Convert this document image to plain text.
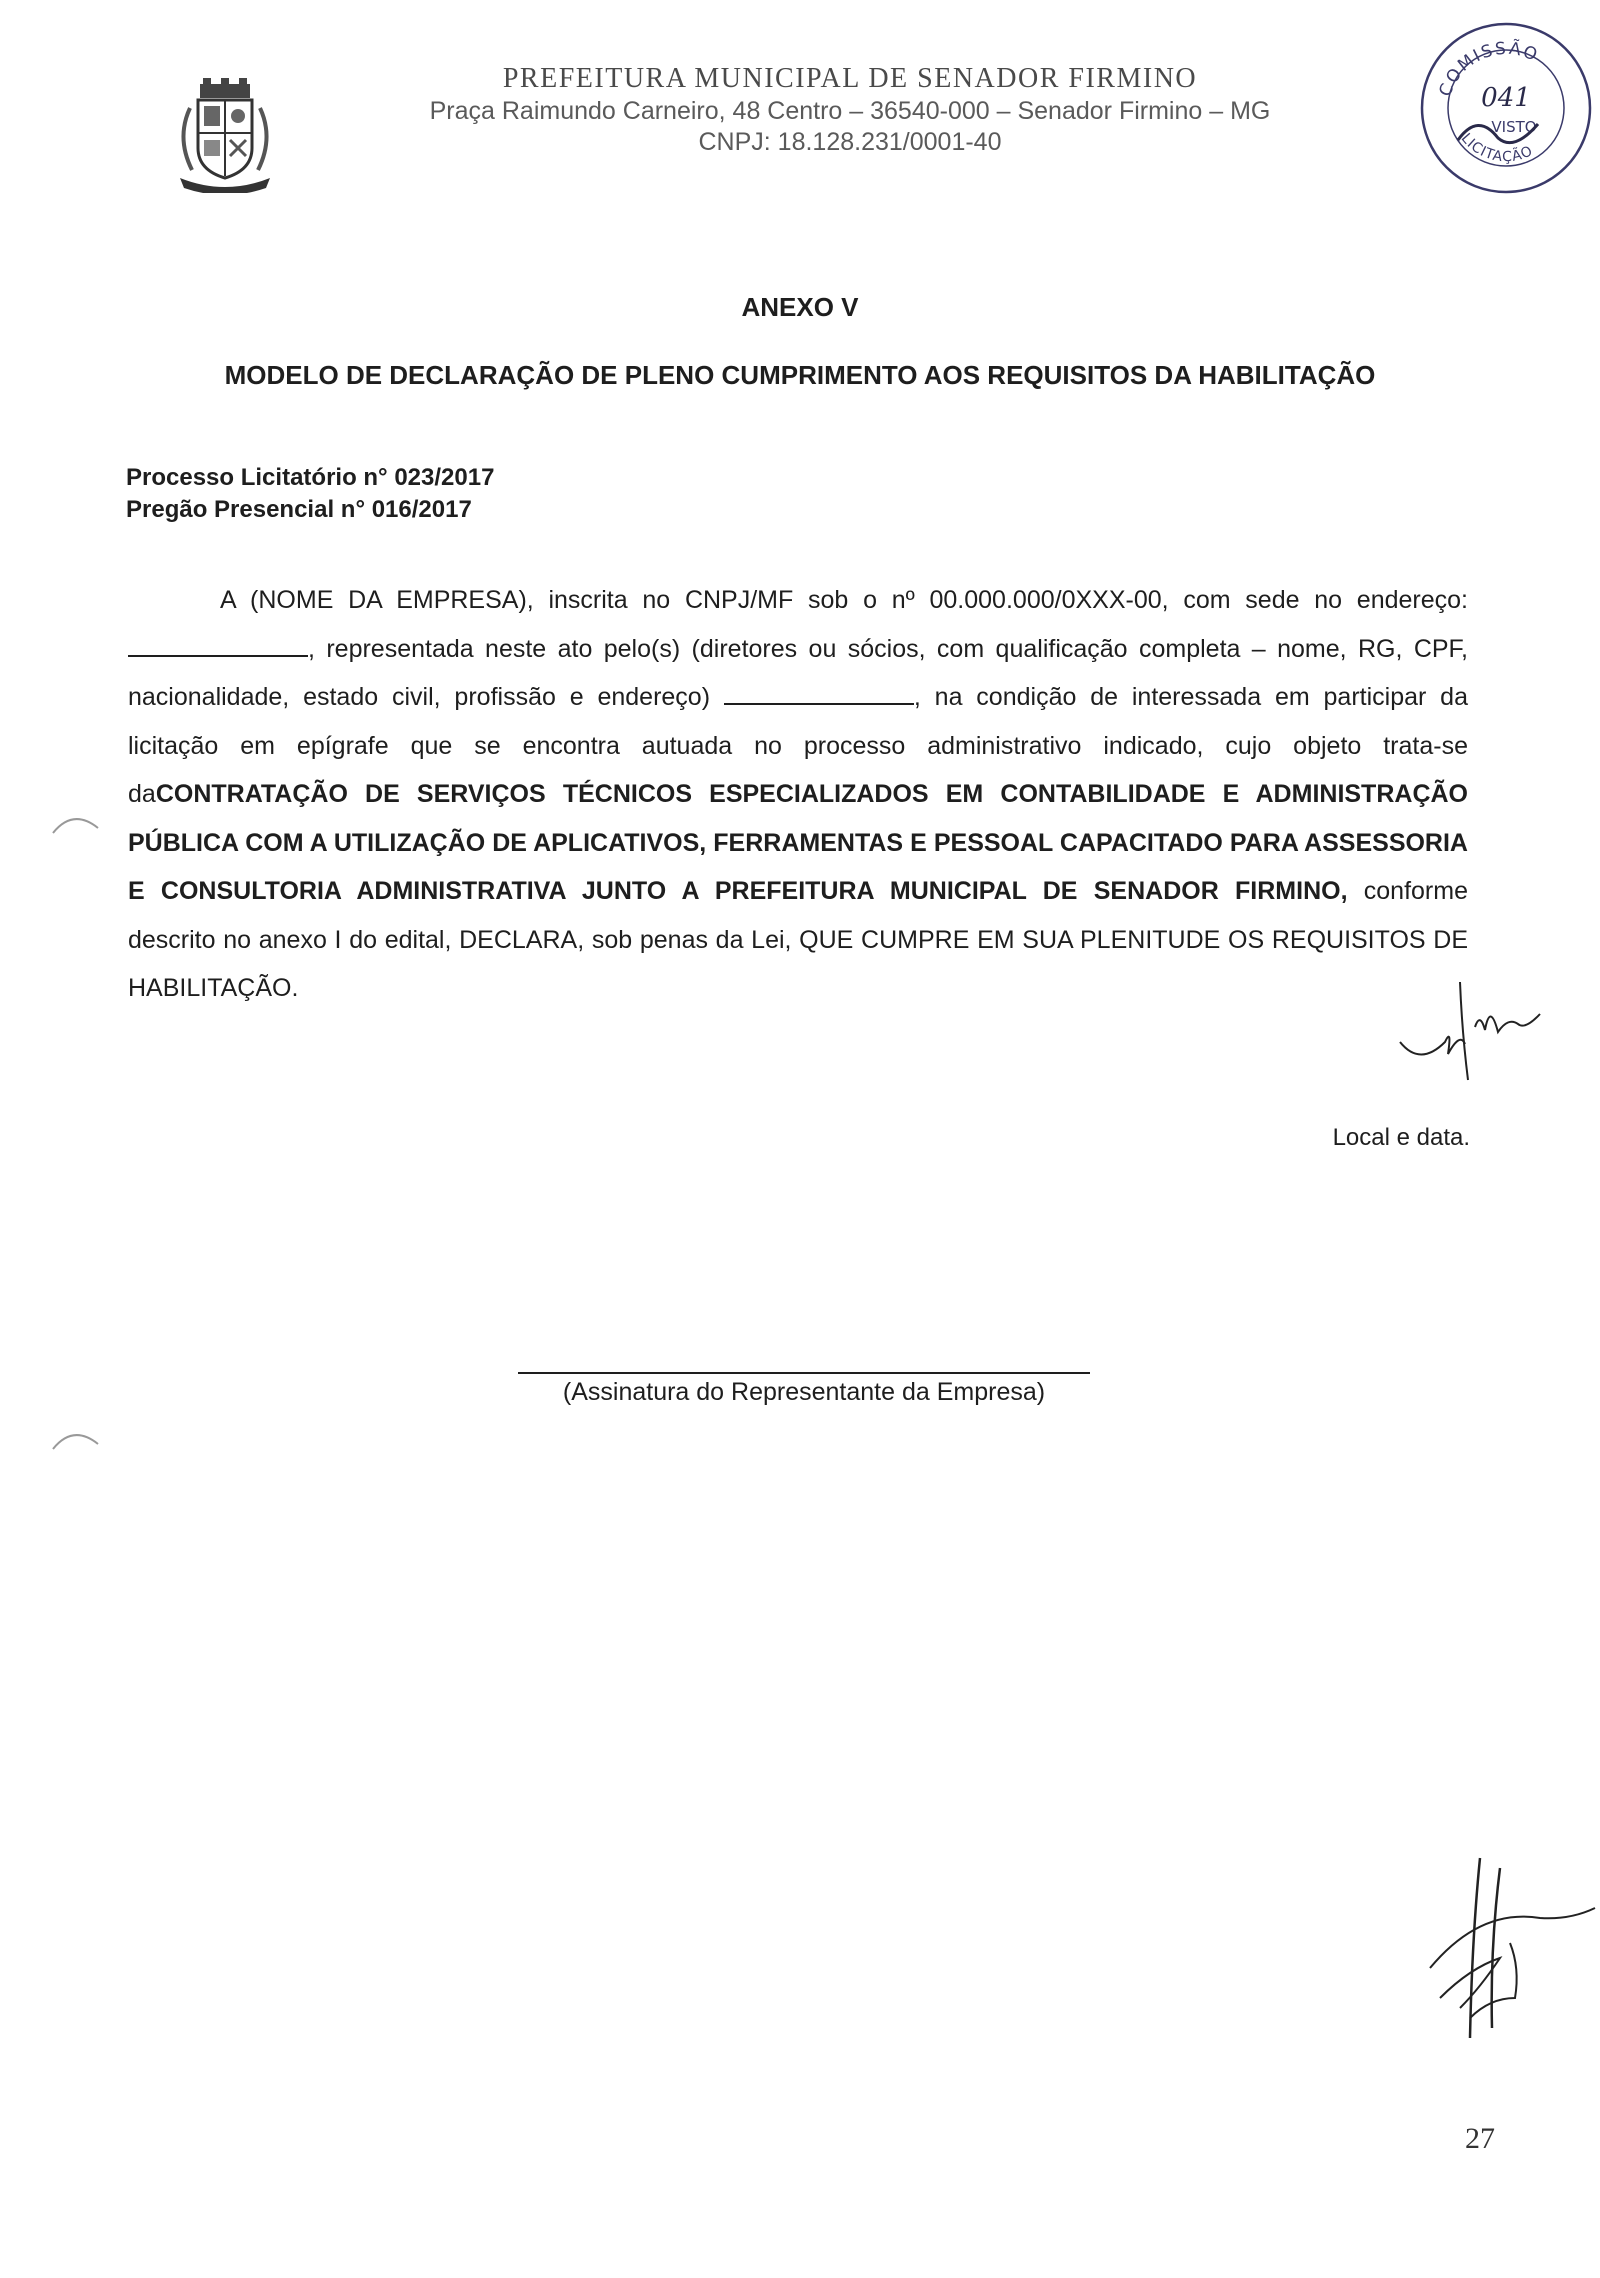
PREFEITURA MUNICIPAL DE SENADOR FIRMINO

Praça Raimundo Carneiro, 48 Centro – 36540-000 – Senador Firmino – MG

CNPJ: 18.128.231/0001-40

COMISSÃO
LICITAÇÃO
041
VISTO
ANEXO V
MODELO DE DECLARAÇÃO DE PLENO CUMPRIMENTO AOS REQUISITOS DA HABILITAÇÃO
Processo Licitatório n° 023/2017
Pregão Presencial n° 016/2017

A (NOME DA EMPRESA), inscrita no CNPJ/MF sob o nº 00.000.000/0XXX-00, com sede no endereço: , representada neste ato pelo(s) (diretores ou sócios, com qualificação completa – nome, RG, CPF, nacionalidade, estado civil, profissão e endereço)	, na condição de interessada em participar da licitação em epígrafe que se encontra autuada no processo administrativo indicado, cujo objeto trata-se daCONTRATAÇÃO DE SERVIÇOS TÉCNICOS ESPECIALIZADOS EM CONTABILIDADE E ADMINISTRAÇÃO PÚBLICA COM A UTILIZAÇÃO DE APLICATIVOS, FERRAMENTAS E PESSOAL CAPACITADO PARA ASSESSORIA E CONSULTORIA ADMINISTRATIVA JUNTO A PREFEITURA MUNICIPAL DE SENADOR FIRMINO, conforme descrito no anexo I do edital, DECLARA, sob penas da Lei, QUE CUMPRE EM SUA PLENITUDE OS REQUISITOS DE HABILITAÇÃO.

Local e data.
(Assinatura do Representante da Empresa)
27
